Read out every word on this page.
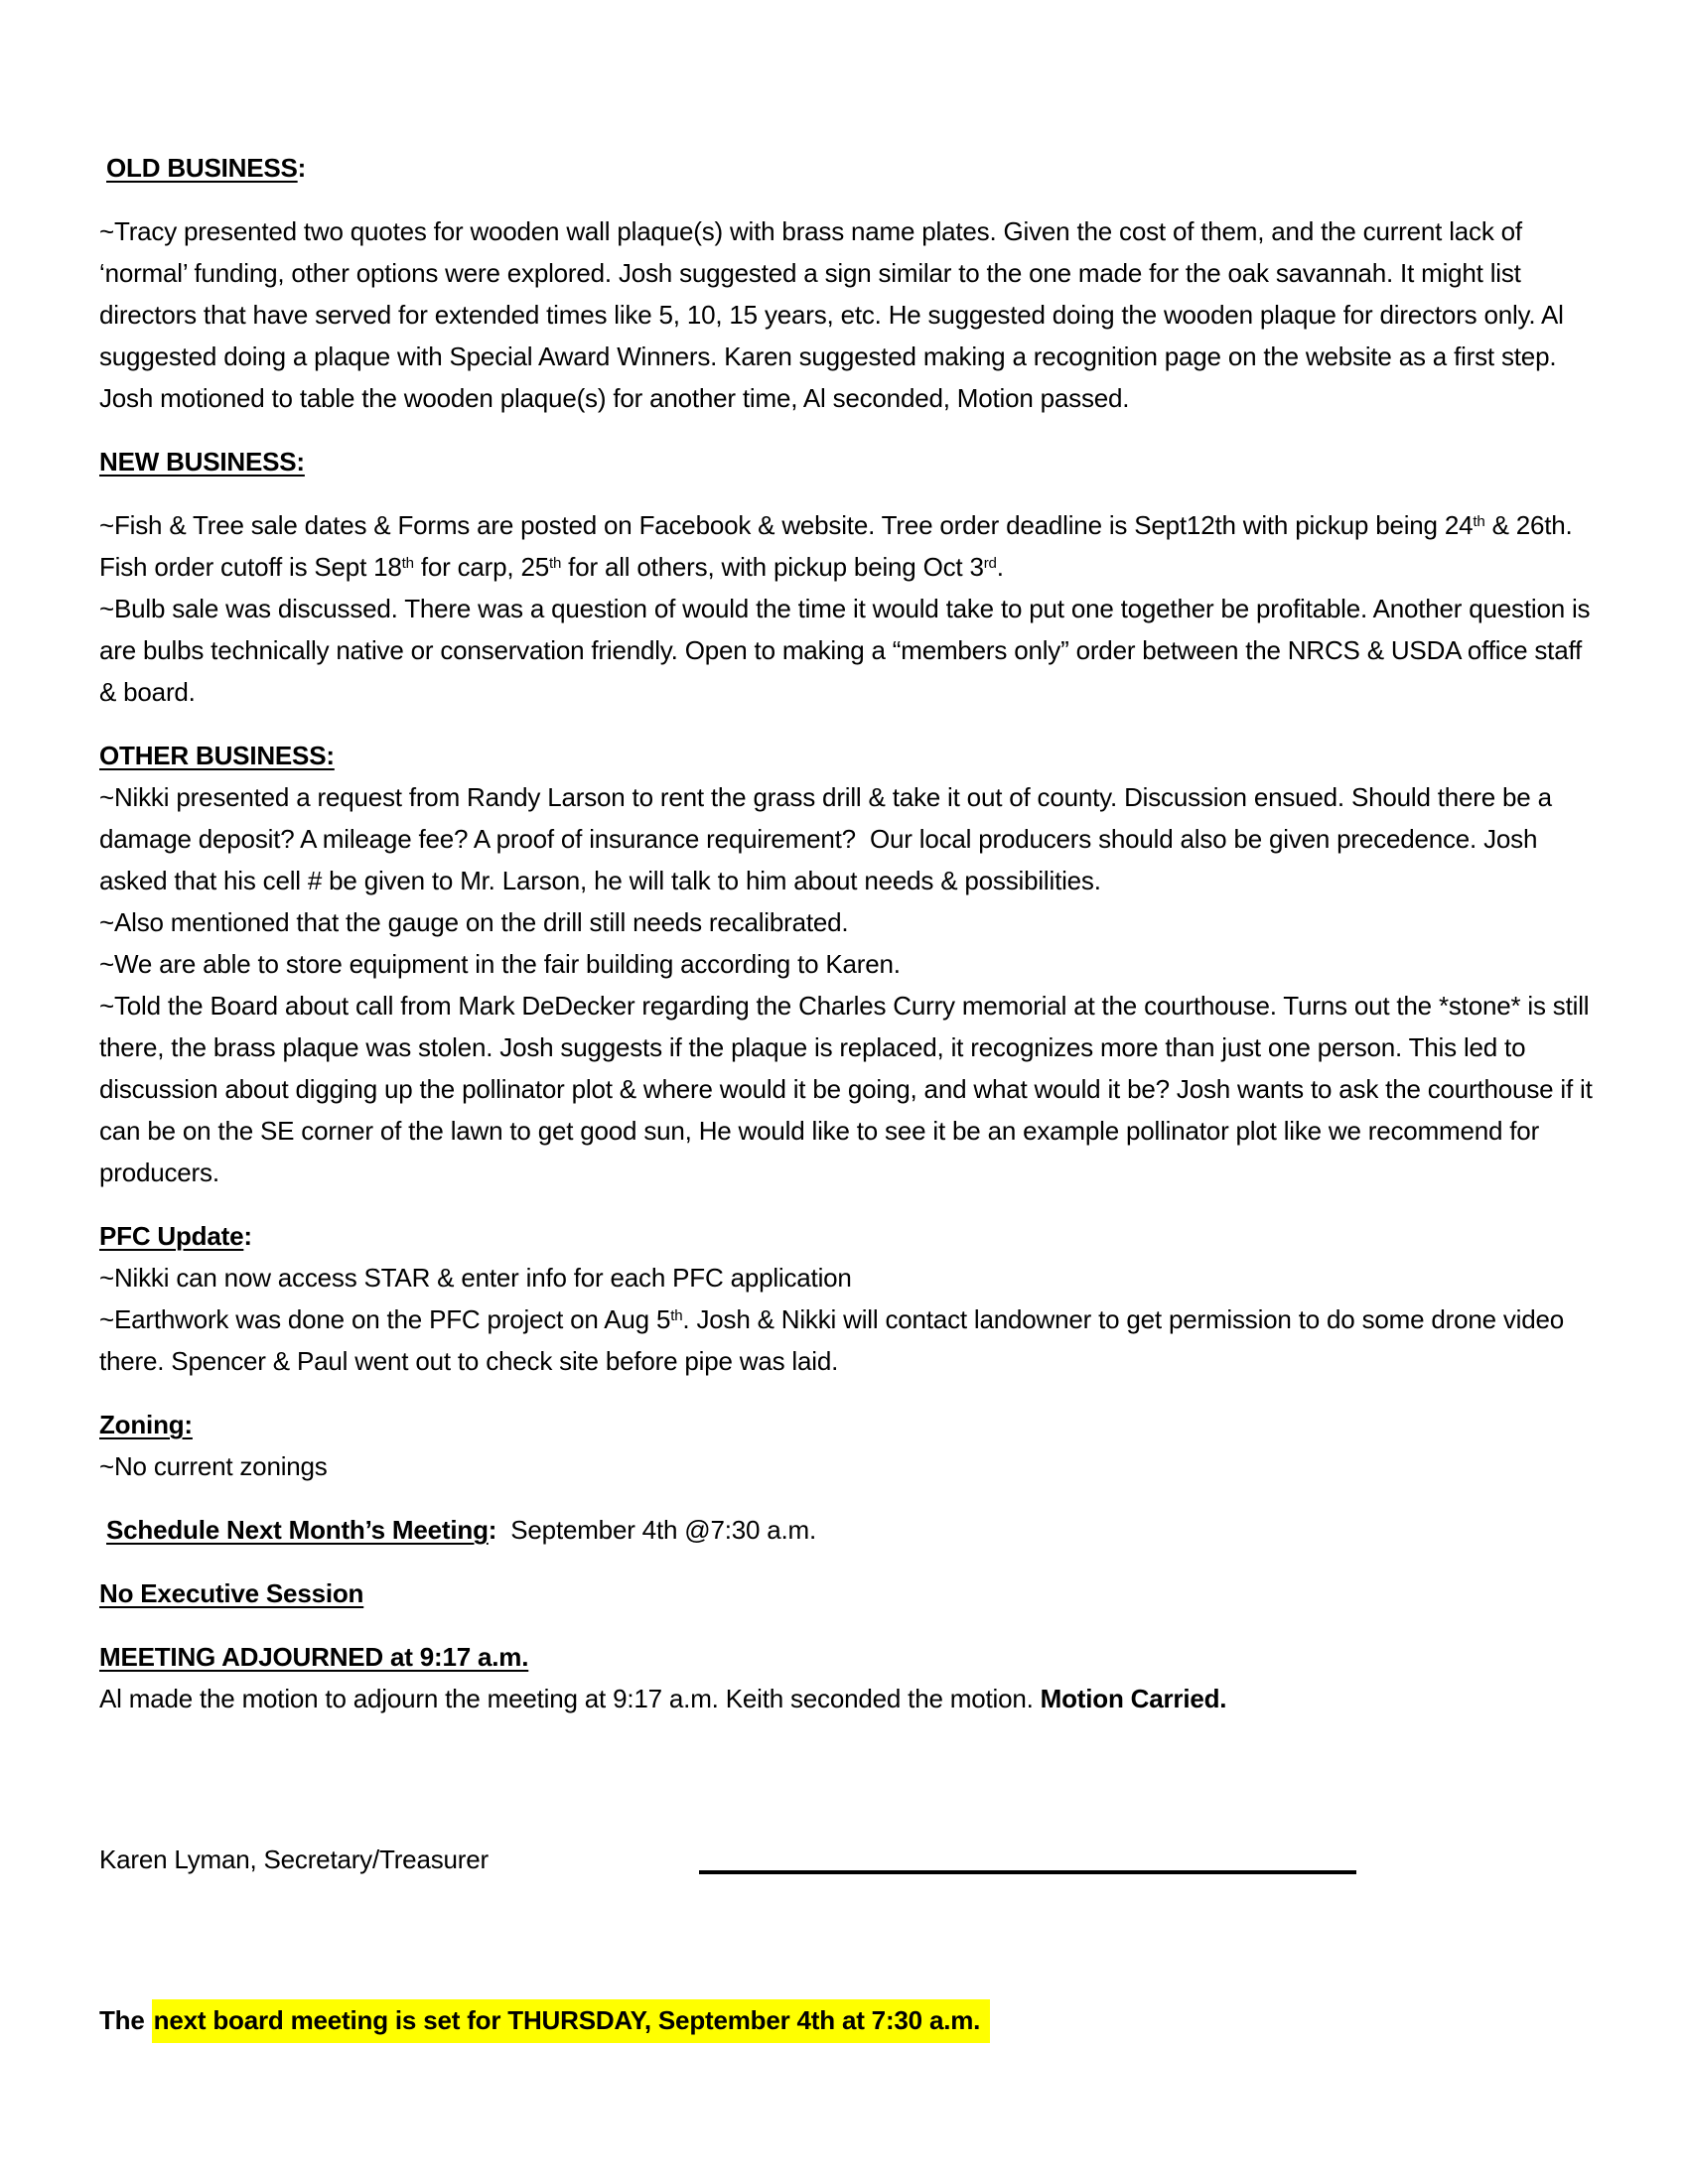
OLD BUSINESS:

~Tracy presented two quotes for wooden wall plaque(s) with brass name plates. Given the cost of them, and the current lack of ‘normal’ funding, other options were explored. Josh suggested a sign similar to the one made for the oak savannah. It might list directors that have served for extended times like 5, 10, 15 years, etc. He suggested doing the wooden plaque for directors only. Al suggested doing a plaque with Special Award Winners. Karen suggested making a recognition page on the website as a first step. Josh motioned to table the wooden plaque(s) for another time, Al seconded, Motion passed.

NEW BUSINESS:

~Fish & Tree sale dates & Forms are posted on Facebook & website. Tree order deadline is Sept12th with pickup being 24th & 26th. Fish order cutoff is Sept 18th for carp, 25th for all others, with pickup being Oct 3rd.

~Bulb sale was discussed. There was a question of would the time it would take to put one together be profitable. Another question is are bulbs technically native or conservation friendly. Open to making a “members only” order between the NRCS & USDA office staff & board.

OTHER BUSINESS:

~Nikki presented a request from Randy Larson to rent the grass drill & take it out of county. Discussion ensued. Should there be a damage deposit? A mileage fee? A proof of insurance requirement?  Our local producers should also be given precedence. Josh asked that his cell # be given to Mr. Larson, he will talk to him about needs & possibilities.

~Also mentioned that the gauge on the drill still needs recalibrated.

~We are able to store equipment in the fair building according to Karen.

~Told the Board about call from Mark DeDecker regarding the Charles Curry memorial at the courthouse. Turns out the *stone* is still there, the brass plaque was stolen. Josh suggests if the plaque is replaced, it recognizes more than just one person. This led to discussion about digging up the pollinator plot & where would it be going, and what would it be? Josh wants to ask the courthouse if it can be on the SE corner of the lawn to get good sun, He would like to see it be an example pollinator plot like we recommend for producers.

PFC Update:

~Nikki can now access STAR & enter info for each PFC application

~Earthwork was done on the PFC project on Aug 5th. Josh & Nikki will contact landowner to get permission to do some drone video there. Spencer & Paul went out to check site before pipe was laid.

Zoning:

~No current zonings

Schedule Next Month’s Meeting:  September 4th @7:30 a.m.

No Executive Session

MEETING ADJOURNED at 9:17 a.m.

Al made the motion to adjourn the meeting at 9:17 a.m. Keith seconded the motion. Motion Carried.

Karen Lyman, Secretary/Treasurer

The next board meeting is set for THURSDAY, September 4th at 7:30 a.m.
